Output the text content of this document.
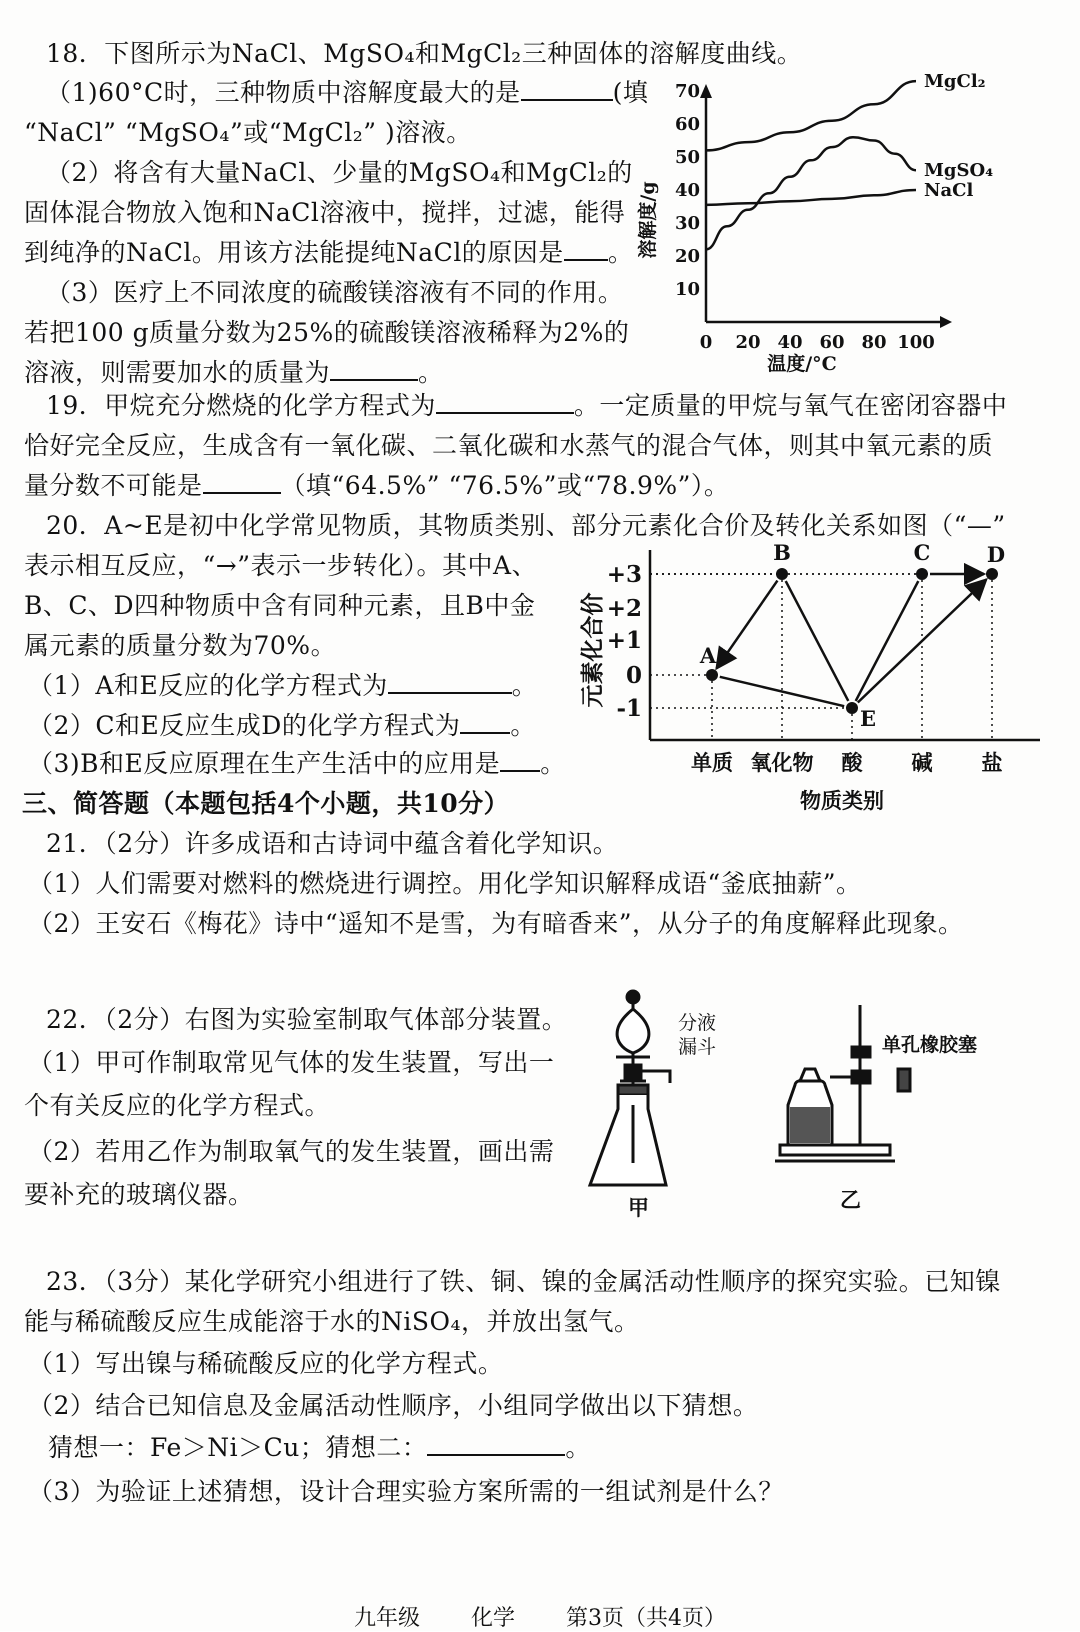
18．下图所示为NaCl、MgSO₄和MgCl₂三种固体的溶解度曲线。
（1)60°C时，三种物质中溶解度最大的是	(填
“NaCl” “MgSO₄”或“MgCl₂” )溶液。
（2）将含有大量NaCl、少量的MgSO₄和MgCl₂的
固体混合物放入饱和NaCl溶液中，搅拌，过滤，能得
到纯净的NaCl。用该方法能提纯NaCl的原因是 。
（3）医疗上不同浓度的硫酸镁溶液有不同的作用。
若把100 g质量分数为25%的硫酸镁溶液稀释为2%的
溶液，则需要加水的质量为	。
0 20 40 60 80 100
10
20
30
40
50
60
70	MgCl₂
MgSO₄
NaCl
溶解度/g
温度/°C
19．甲烷充分燃烧的化学方程式为	。一定质量的甲烷与氧气在密闭容器中
恰好完全反应，生成含有一氧化碳、二氧化碳和水蒸气的混合气体，则其中氧元素的质
量分数不可能是	（填“64.5%” “76.5%”或“78.9%”）。
20．A~E是初中化学常见物质，其物质类别、部分元素化合价及转化关系如图（“—”
表示相互反应，“→”表示一步转化）。其中A、
B、C、D四种物质中含有同种元素，且B中金
属元素的质量分数为70%。
（1）A和E反应的化学方程式为	。
（2）C和E反应生成D的化学方程式为 。
（3)B和E反应原理在生产生活中的应用是 。
A
B
E
C	D
+3
+2
+1
0
-1
单质 氧化物 酸 碱 盐
元素化合价
物质类别
三、简答题（本题包括4个小题，共10分）
21．（2分）许多成语和古诗词中蕴含着化学知识。
（1）人们需要对燃料的燃烧进行调控。用化学知识解释成语“釜底抽薪”。
（2）王安石《梅花》诗中“遥知不是雪，为有暗香来”，从分子的角度解释此现象。
22．（2分）右图为实验室制取气体部分装置。
（1）甲可作制取常见气体的发生装置，写出一
个有关反应的化学方程式。
（2）若用乙作为制取氧气的发生装置，画出需
要补充的玻璃仪器。
分液
漏斗
甲
单孔橡胶塞
乙
23．（3分）某化学研究小组进行了铁、铜、镍的金属活动性顺序的探究实验。已知镍
能与稀硫酸反应生成能溶于水的NiSO₄，并放出氢气。
（1）写出镍与稀硫酸反应的化学方程式。
（2）结合已知信息及金属活动性顺序，小组同学做出以下猜想。
猜想一：Fe＞Ni＞Cu；猜想二：	。
（3）为验证上述猜想，设计合理实验方案所需的一组试剂是什么？
九年级 化学 第3页（共4页）
